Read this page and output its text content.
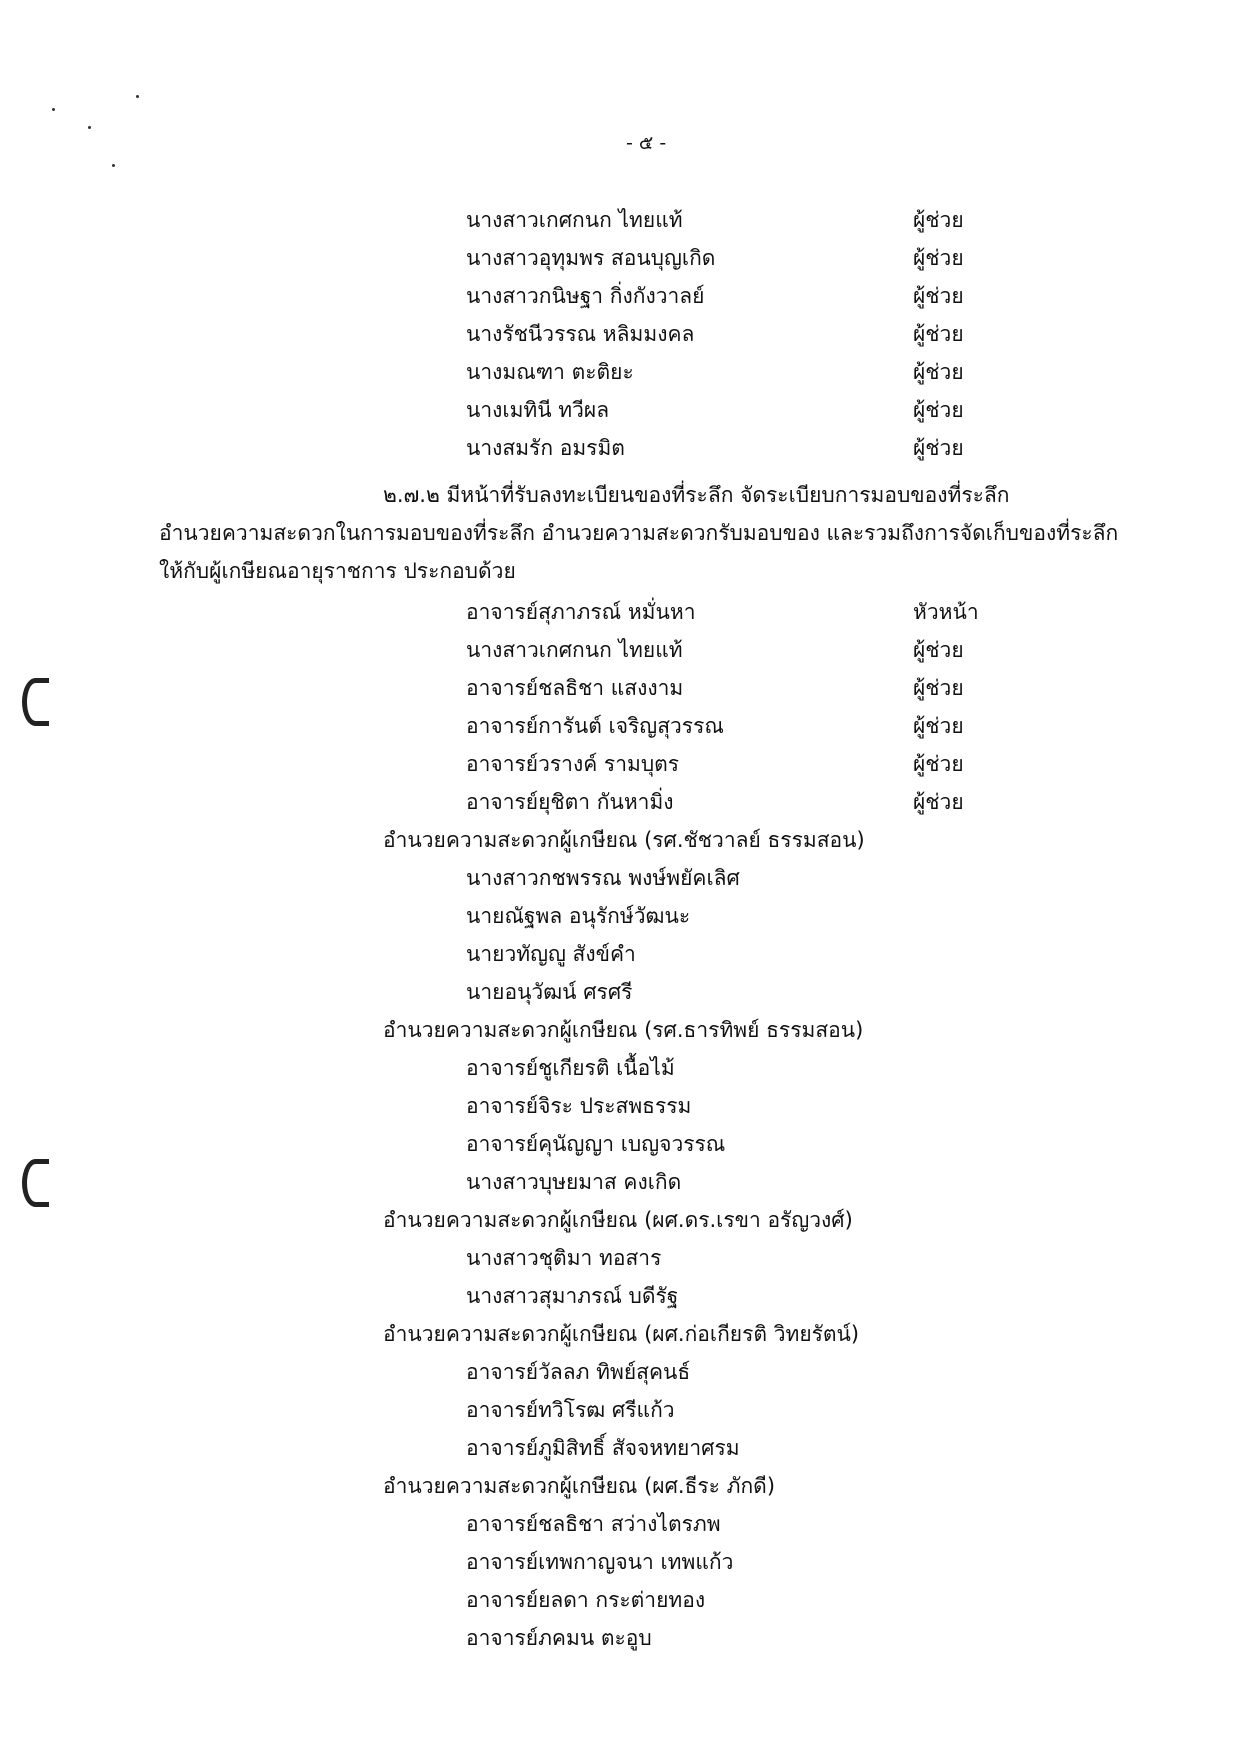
- ๕ -
นางสาวเกศกนก ไทยแท้	ผู้ช่วย
นางสาวอุทุมพร สอนบุญเกิด	ผู้ช่วย
นางสาวกนิษฐา กิ่งกังวาลย์	ผู้ช่วย
นางรัชนีวรรณ หลิมมงคล	ผู้ช่วย
นางมณฑา ตะติยะ	ผู้ช่วย
นางเมทินี ทวีผล	ผู้ช่วย
นางสมรัก อมรมิต	ผู้ช่วย
๒.๗.๒ มีหน้าที่รับลงทะเบียนของที่ระลึก จัดระเบียบการมอบของที่ระลึก
อำนวยความสะดวกในการมอบของที่ระลึก อำนวยความสะดวกรับมอบของ และรวมถึงการจัดเก็บของที่ระลึก
ให้กับผู้เกษียณอายุราชการ ประกอบด้วย
อาจารย์สุภาภรณ์ หมั่นหา	หัวหน้า
นางสาวเกศกนก ไทยแท้	ผู้ช่วย
อาจารย์ชลธิชา แสงงาม	ผู้ช่วย
อาจารย์การันต์ เจริญสุวรรณ	ผู้ช่วย
อาจารย์วรางค์ รามบุตร	ผู้ช่วย
อาจารย์ยุชิตา กันหามิ่ง	ผู้ช่วย
อำนวยความสะดวกผู้เกษียณ (รศ.ชัชวาลย์ ธรรมสอน)
นางสาวกชพรรณ พงษ์พยัคเลิศ
นายณัฐพล อนุรักษ์วัฒนะ
นายวทัญญู สังข์คำ
นายอนุวัฒน์ ศรศรี
อำนวยความสะดวกผู้เกษียณ (รศ.ธารทิพย์ ธรรมสอน)
อาจารย์ชูเกียรติ เนื้อไม้
อาจารย์จิระ ประสพธรรม
อาจารย์คุนัญญา เบญจวรรณ
นางสาวบุษยมาส คงเกิด
อำนวยความสะดวกผู้เกษียณ (ผศ.ดร.เรขา อรัญวงศ์)
นางสาวชุติมา ทอสาร
นางสาวสุมาภรณ์ บดีรัฐ
อำนวยความสะดวกผู้เกษียณ (ผศ.ก่อเกียรติ วิทยรัตน์)
อาจารย์วัลลภ ทิพย์สุคนธ์
อาจารย์ทวิโรฒ ศรีแก้ว
อาจารย์ภูมิสิทธิ์ สัจจหทยาศรม
อำนวยความสะดวกผู้เกษียณ (ผศ.ธีระ ภักดี)
อาจารย์ชลธิชา สว่างไตรภพ
อาจารย์เทพกาญจนา เทพแก้ว
อาจารย์ยลดา กระต่ายทอง
อาจารย์ภคมน ตะอูบ
